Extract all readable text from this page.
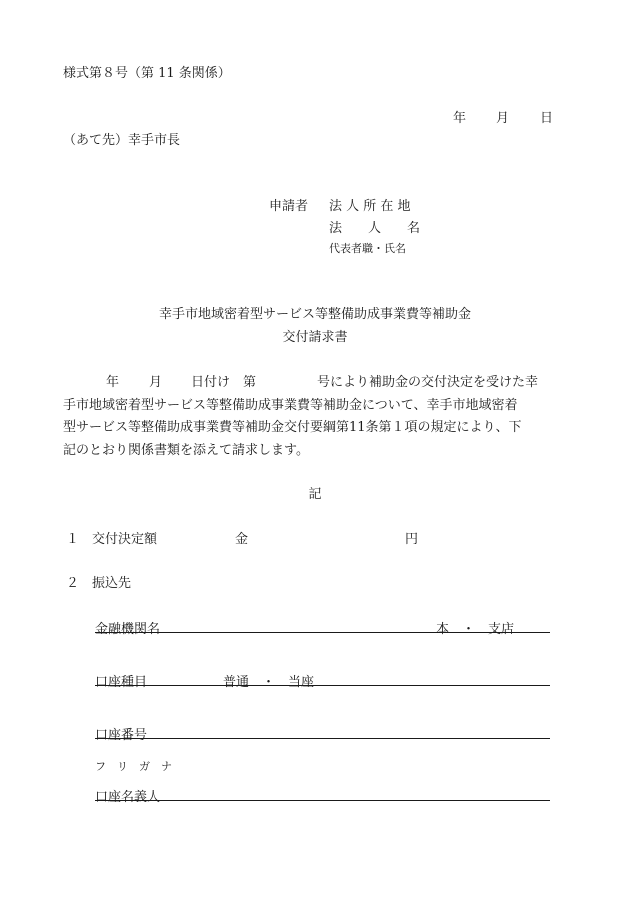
様式第８号（第 11 条関係）
年 月 日
（あて先）幸手市長
申請者 法 人 所 在 地
法　　人　　名
代表者職・氏名
幸手市地域密着型サービス等整備助成事業費等補助金
交付請求書
年 月 日付け　第	号により補助金の交付決定を受けた幸
手市地域密着型サービス等整備助成事業費等補助金について、幸手市地域密着
型サービス等整備助成事業費等補助金交付要綱第11条第１項の規定により、下
記のとおり関係書類を添えて請求します。
記
１ 交付決定額	金	円
２ 振込先
金融機関名	本　・　支店
口座種目	普通　・　当座
口座番号
フ　リ　ガ　ナ
口座名義人
